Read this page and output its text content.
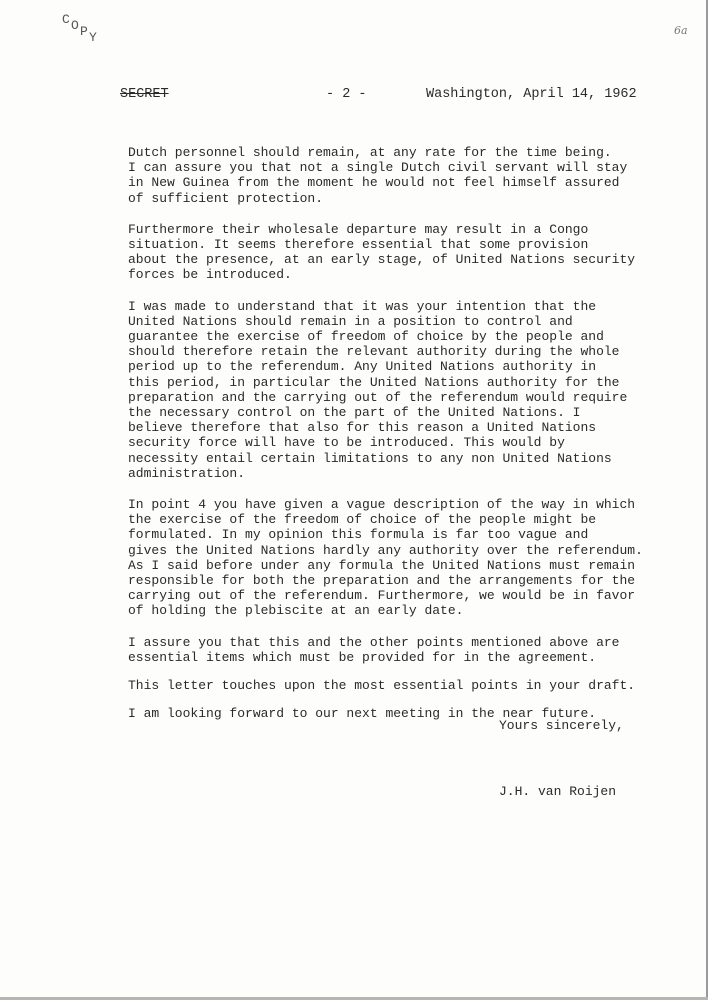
C O P Y	6a

SECRET

	- 2 -

	Washington, April 14, 1962

Dutch personnel should remain, at any rate for the time being.
I can assure you that not a single Dutch civil servant will stay
in New Guinea from the moment he would not feel himself assured
of sufficient protection.

Furthermore their wholesale departure may result in a Congo
situation. It seems therefore essential that some provision
about the presence, at an early stage, of United Nations security
forces be introduced.

I was made to understand that it was your intention that the
United Nations should remain in a position to control and
guarantee the exercise of freedom of choice by the people and
should therefore retain the relevant authority during the whole
period up to the referendum. Any United Nations authority in
this period, in particular the United Nations authority for the
preparation and the carrying out of the referendum would require
the necessary control on the part of the United Nations. I
believe therefore that also for this reason a United Nations
security force will have to be introduced. This would by
necessity entail certain limitations to any non United Nations
administration.

In point 4 you have given a vague description of the way in which
the exercise of the freedom of choice of the people might be
formulated. In my opinion this formula is far too vague and
gives the United Nations hardly any authority over the referendum.
As I said before under any formula the United Nations must remain
responsible for both the preparation and the arrangements for the
carrying out of the referendum. Furthermore, we would be in favor
of holding the plebiscite at an early date.

I assure you that this and the other points mentioned above are
essential items which must be provided for in the agreement.

This letter touches upon the most essential points in your draft.

I am looking forward to our next meeting in the near future.

Yours sincerely,
J.H. van Roijen
